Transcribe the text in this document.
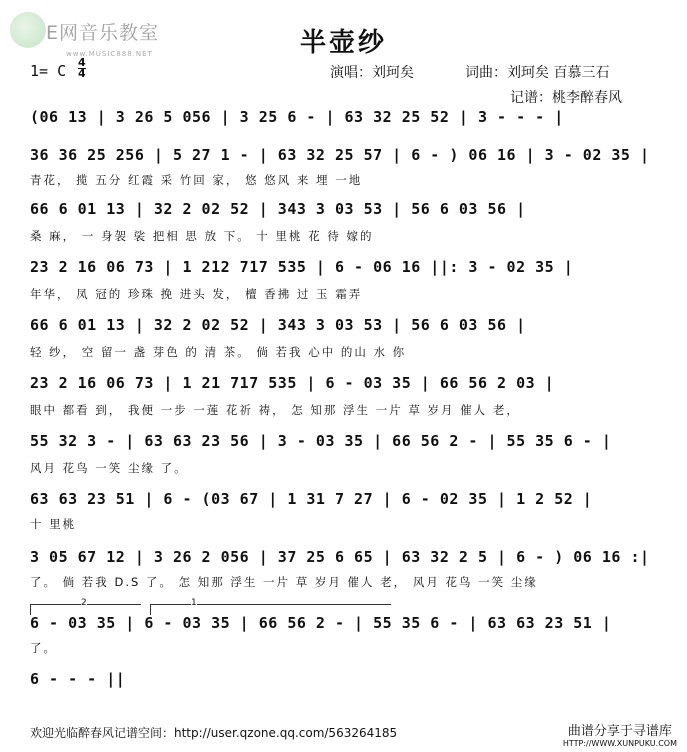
E网音乐教室
www.MUSIC888.NET	半壶纱
1= C 4
4	演唱：刘珂矣	词曲：刘珂矣 百慕三石
记谱：桃李醉春风
(06 13 | 3 26 5 056 | 3 25 6 - | 63 32 25 52 | 3 - - - |
36 36 25 256 | 5 27 1 - | 63 32 25 57 | 6 - ) 06 16 | 3 - 02 35 |
青花， 揽 五分 红霞 采 竹回 家， 悠 悠风 来 埋 一地
66 6 01 13 | 32 2 02 52 | 343 3 03 53 | 56 6 03 56 |
桑 麻， 一 身袈 裟 把相 思 放 下。 十 里桃 花 待 嫁的
23 2 16 06 73 | 1 212 717 535 | 6 - 06 16 ||: 3 - 02 35 |
年华， 凤 冠的 珍珠 挽 进头 发， 檀 香拂 过 玉 霜弄
66 6 01 13 | 32 2 02 52 | 343 3 03 53 | 56 6 03 56 |
轻 纱， 空 留一 盏 芽色 的 清 茶。 倘 若我 心中 的山 水 你
23 2 16 06 73 | 1 21 717 535 | 6 - 03 35 | 66 56 2 03 |
眼中 都看 到， 我便 一步 一莲 花祈 祷， 怎 知那 浮生 一片 草 岁月 催人 老，
55 32 3 - | 63 63 23 56 | 3 - 03 35 | 66 56 2 - | 55 35 6 - |
风月 花鸟 一笑 尘缘 了。
63 63 23 51 | 6 - (03 67 | 1 31 7 27 | 6 - 02 35 | 1 2 52 |
十 里桃
3 05 67 12 | 3 26 2 056 | 37 25 6 65 | 63 32 2 5 | 6 - ) 06 16 :|
了。 倘 若我 D.S 了。 怎 知那 浮生 一片 草 岁月 催人 老， 风月 花鸟 一笑 尘缘
2	1
6 - 03 35 | 6 - 03 35 | 66 56 2 - | 55 35 6 - | 63 63 23 51 |
了。
6 - - - ||
欢迎光临醉春风记谱空间：http://user.qzone.qq.com/563264185	曲谱分享于寻谱库
HTTP://WWW.XUNPUKU.COM
